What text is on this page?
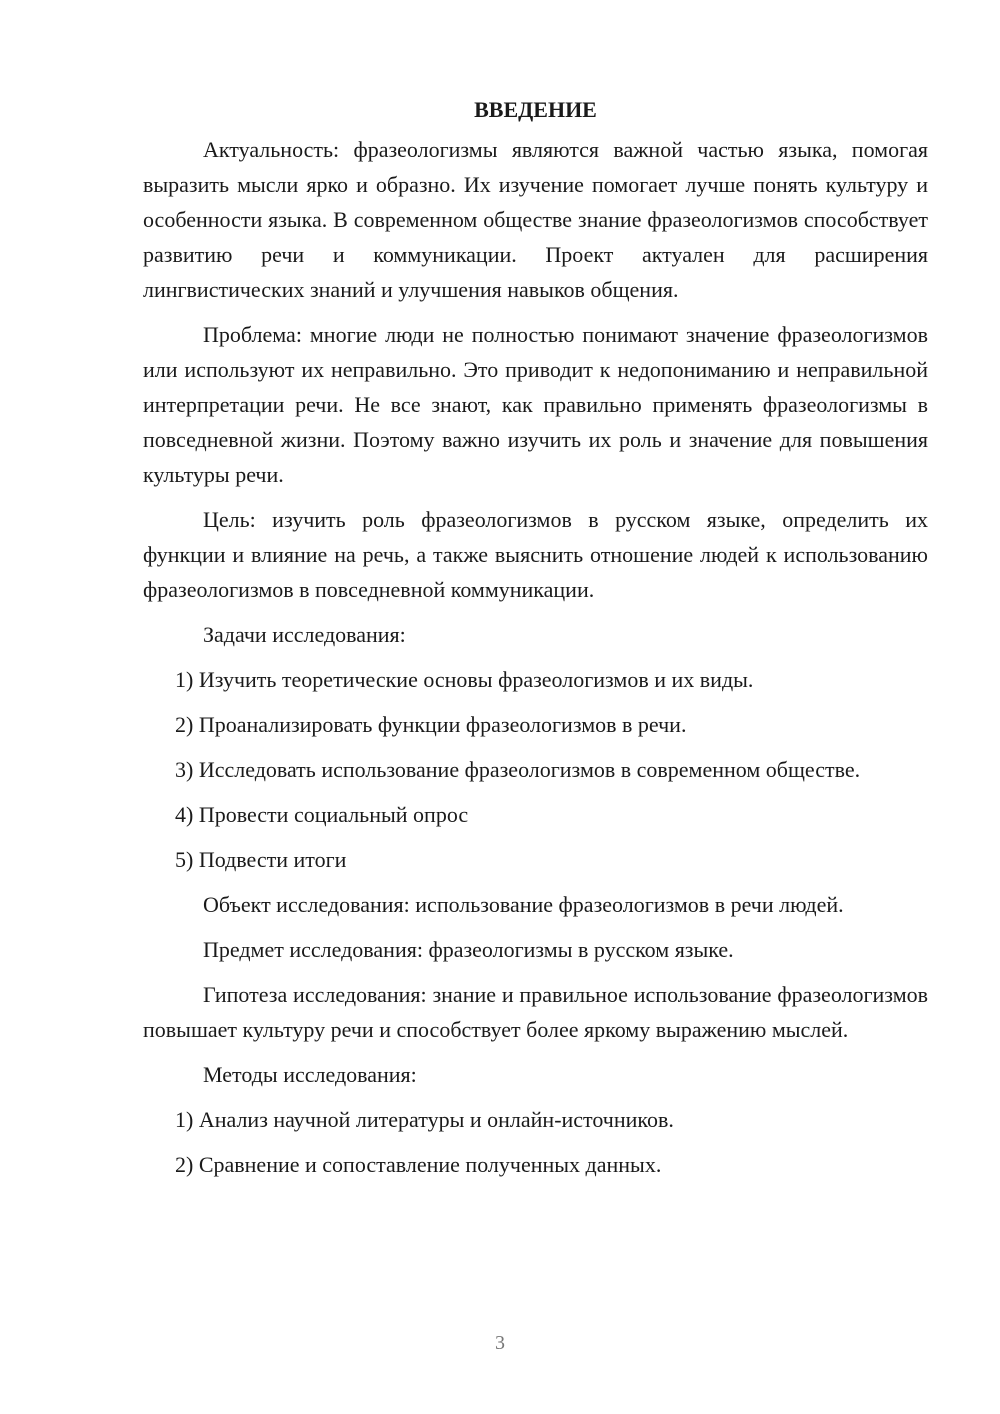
ВВЕДЕНИЕ

Актуальность: фразеологизмы являются важной частью языка, помогая выразить мысли ярко и образно. Их изучение помогает лучше понять культуру и особенности языка. В современном обществе знание фразеологизмов способствует развитию речи и коммуникации. Проект актуален для расширения лингвистических знаний и улучшения навыков общения.

Проблема: многие люди не полностью понимают значение фразеологизмов или используют их неправильно. Это приводит к недопониманию и неправильной интерпретации речи. Не все знают, как правильно применять фразеологизмы в повседневной жизни. Поэтому важно изучить их роль и значение для повышения культуры речи.

Цель: изучить роль фразеологизмов в русском языке, определить их функции и влияние на речь, а также выяснить отношение людей к использованию фразеологизмов в повседневной коммуникации.

Задачи исследования:

1) Изучить теоретические основы фразеологизмов и их виды.

2) Проанализировать функции фразеологизмов в речи.

3) Исследовать использование фразеологизмов в современном обществе.

4) Провести социальный опрос

5) Подвести итоги

Объект исследования: использование фразеологизмов в речи людей.

Предмет исследования: фразеологизмы в русском языке.

Гипотеза исследования: знание и правильное использование фразеологизмов повышает культуру речи и способствует более яркому выражению мыслей.

Методы исследования:

1) Анализ научной литературы и онлайн-источников.

2) Сравнение и сопоставление полученных данных.

3
